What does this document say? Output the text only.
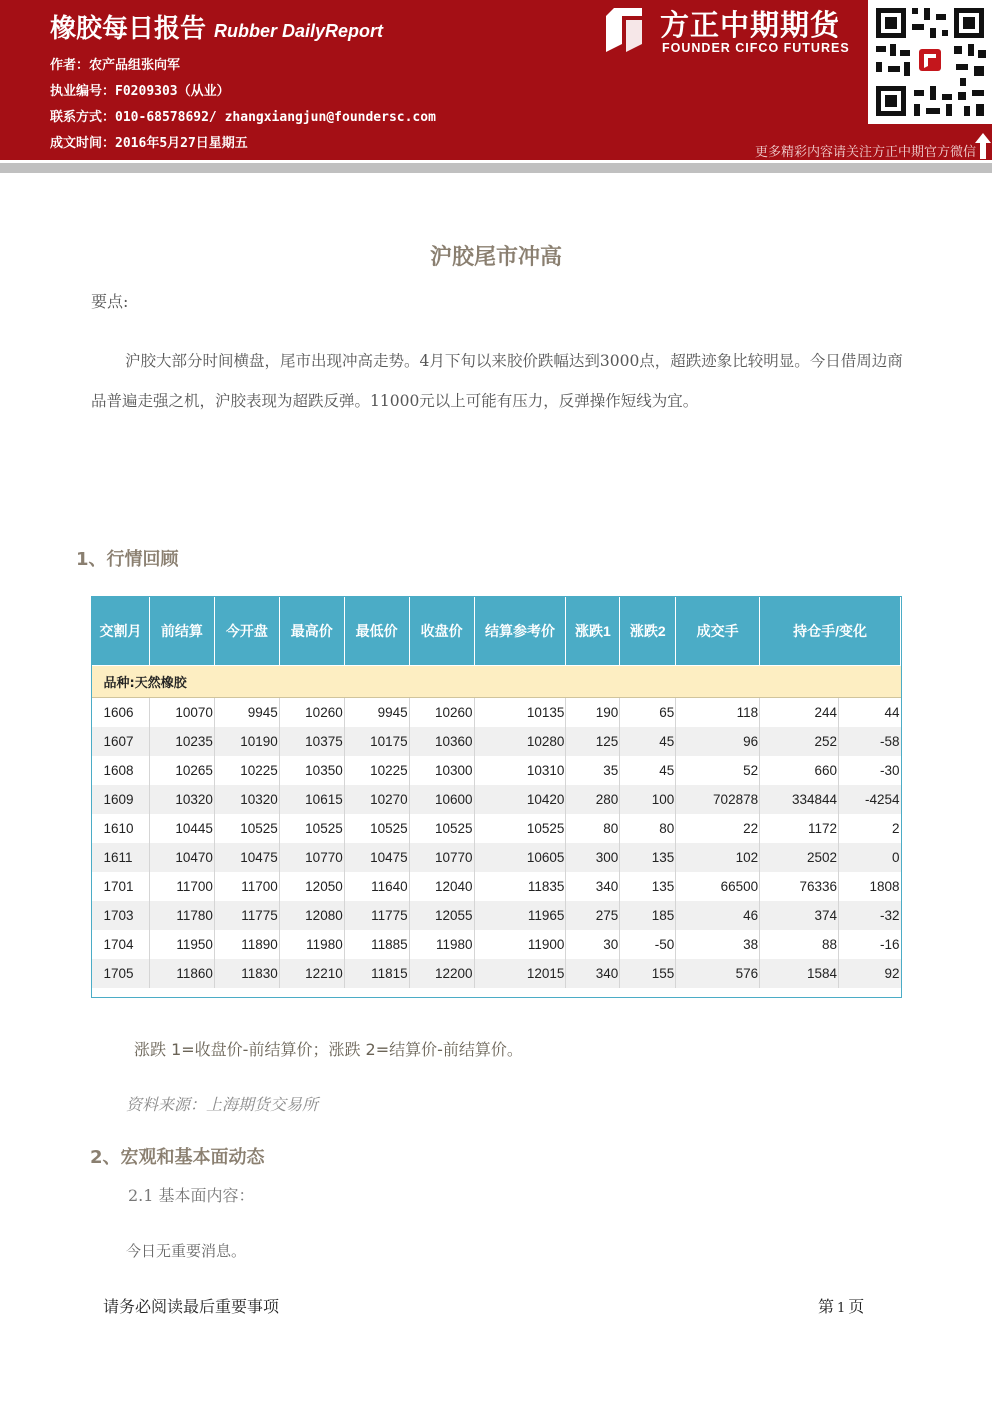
橡胶每日报告 Rubber DailyReport
作者：农产品组张向军
执业编号：F0209303（从业）
联系方式：010-68578692/ zhangxiangjun@foundersc.com
成文时间：2016年5月27日星期五
方正中期期货
FOUNDER CIFCO FUTURES
更多精彩内容请关注方正中期官方微信
沪胶尾市冲高
要点:
沪胶大部分时间横盘，尾市出现冲高走势。4月下旬以来胶价跌幅达到3000点，超跌迹象比较明显。今日借周边商品普遍走强之机，沪胶表现为超跌反弹。11000元以上可能有压力，反弹操作短线为宜。
1、行情回顾
交割月	前结算	今开盘	最高价	最低价	收盘价	结算参考价	涨跌1	涨跌2	成交手	持仓手/变化	
品种:天然橡胶											
1606	10070	9945	10260	9945	10260	10135	190	65	118	244	44
1607	10235	10190	10375	10175	10360	10280	125	45	96	252	-58
1608	10265	10225	10350	10225	10300	10310	35	45	52	660	-30
1609	10320	10320	10615	10270	10600	10420	280	100	702878	334844	-4254
1610	10445	10525	10525	10525	10525	10525	80	80	22	1172	2
1611	10470	10475	10770	10475	10770	10605	300	135	102	2502	0
1701	11700	11700	12050	11640	12040	11835	340	135	66500	76336	1808
1703	11780	11775	12080	11775	12055	11965	275	185	46	374	-32
1704	11950	11890	11980	11885	11980	11900	30	-50	38	88	-16
1705	11860	11830	12210	11815	12200	12015	340	155	576	1584	92
涨跌 1=收盘价-前结算价；涨跌 2=结算价-前结算价。
资料来源：上海期货交易所
2、宏观和基本面动态
2.1 基本面内容：
今日无重要消息。
请务必阅读最后重要事项	第 1 页
